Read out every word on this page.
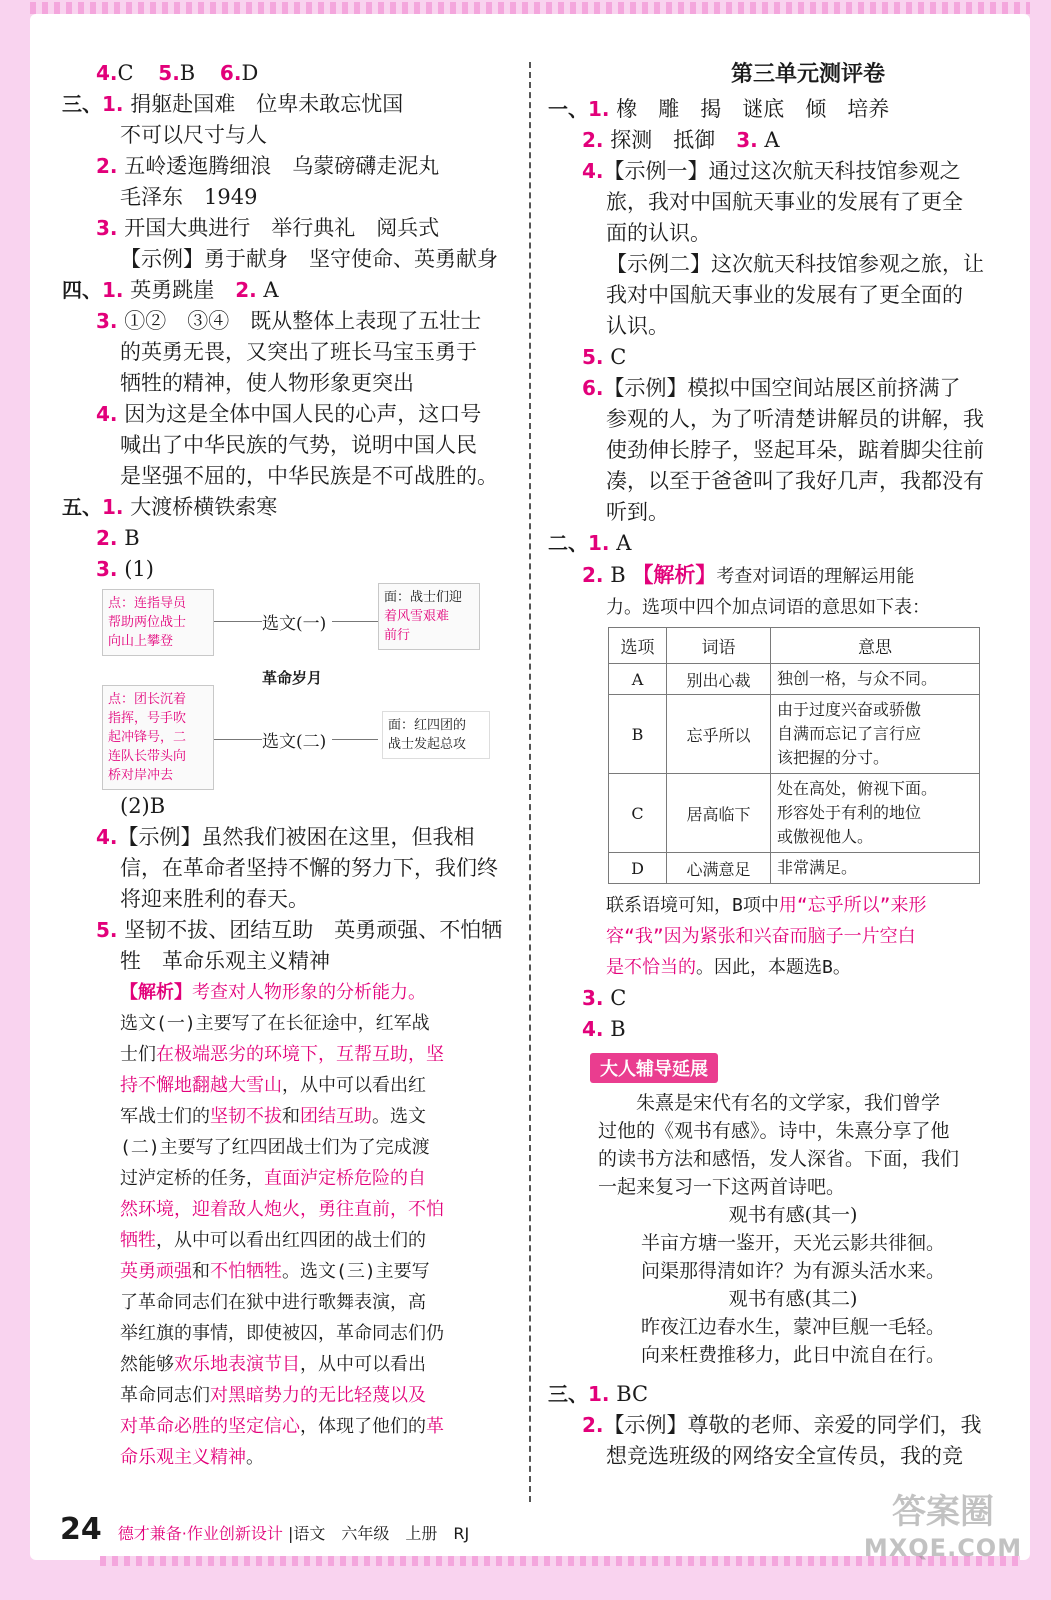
4.C 5.B 6.D
三、1. 捐躯赴国难　位卑未敢忘忧国
不可以尺寸与人
2. 五岭逶迤腾细浪　乌蒙磅礴走泥丸
毛泽东　1949
3. 开国大典进行　举行典礼　阅兵式
【示例】勇于献身　坚守使命、英勇献身
四、1. 英勇跳崖　 2. A
3. ①②　③④　既从整体上表现了五壮士
的英勇无畏，又突出了班长马宝玉勇于
牺牲的精神，使人物形象更突出
4. 因为这是全体中国人民的心声，这口号
喊出了中华民族的气势，说明中国人民
是坚强不屈的，中华民族是不可战胜的。
五、1. 大渡桥横铁索寒
2. B
3. (1)
点：连指导员
帮助两位战士
向山上攀登
选文(一)
面：战士们迎
着风雪艰难
前行
革命岁月
点：团长沉着
指挥，号手吹
起冲锋号，二
连队长带头向
桥对岸冲去
选文(二)
面：红四团的
战士发起总攻
(2)B
4.【示例】虽然我们被困在这里，但我相
信，在革命者坚持不懈的努力下，我们终
将迎来胜利的春天。
5. 坚韧不拔、团结互助　英勇顽强、不怕牺
牲　革命乐观主义精神
【解析】考查对人物形象的分析能力。
选文(一)主要写了在长征途中，红军战
士们在极端恶劣的环境下，互帮互助，坚
持不懈地翻越大雪山，从中可以看出红
军战士们的坚韧不拔和团结互助。选文
(二)主要写了红四团战士们为了完成渡
过泸定桥的任务，直面泸定桥危险的自
然环境，迎着敌人炮火，勇往直前，不怕
牺牲，从中可以看出红四团的战士们的
英勇顽强和不怕牺牲。选文(三)主要写
了革命同志们在狱中进行歌舞表演，高
举红旗的事情，即使被囚，革命同志们仍
然能够欢乐地表演节目，从中可以看出
革命同志们对黑暗势力的无比轻蔑以及
对革命必胜的坚定信心，体现了他们的革
命乐观主义精神。
第三单元测评卷
一、1. 橡　雕　揭　谜底　倾　培养
2. 探测　抵御　 3. A
4.【示例一】通过这次航天科技馆参观之
旅，我对中国航天事业的发展有了更全
面的认识。
【示例二】这次航天科技馆参观之旅，让
我对中国航天事业的发展有了更全面的
认识。
5. C
6.【示例】模拟中国空间站展区前挤满了
参观的人，为了听清楚讲解员的讲解，我
使劲伸长脖子，竖起耳朵，踮着脚尖往前
凑，以至于爸爸叫了我好几声，我都没有
听到。
二、1. A
2. B 【解析】考查对词语的理解运用能
力。选项中四个加点词语的意思如下表：
选项	词语	意思
A	别出心裁	独创一格，与众不同。

B	忘乎所以	由于过度兴奋或骄傲
自满而忘记了言行应
该把握的分寸。

C	居高临下	处在高处，俯视下面。
形容处于有利的地位
或傲视他人。

D	心满意足	非常满足。
联系语境可知，B项中用“忘乎所以”来形
容“我”因为紧张和兴奋而脑子一片空白
是不恰当的。因此，本题选B。
3. C
4. B
大人辅导延展
朱熹是宋代有名的文学家，我们曾学
过他的《观书有感》。诗中，朱熹分享了他
的读书方法和感悟，发人深省。下面，我们
一起来复习一下这两首诗吧。
观书有感(其一)
半亩方塘一鉴开，天光云影共徘徊。
问渠那得清如许？为有源头活水来。
观书有感(其二)
昨夜江边春水生，蒙冲巨舰一毛轻。
向来枉费推移力，此日中流自在行。
三、1. BC
2.【示例】尊敬的老师、亲爱的同学们，我
想竞选班级的网络安全宣传员，我的竞
24 德才兼备·作业创新设计 |语文　六年级　上册　RJ
答案圈
MXQE.COM
